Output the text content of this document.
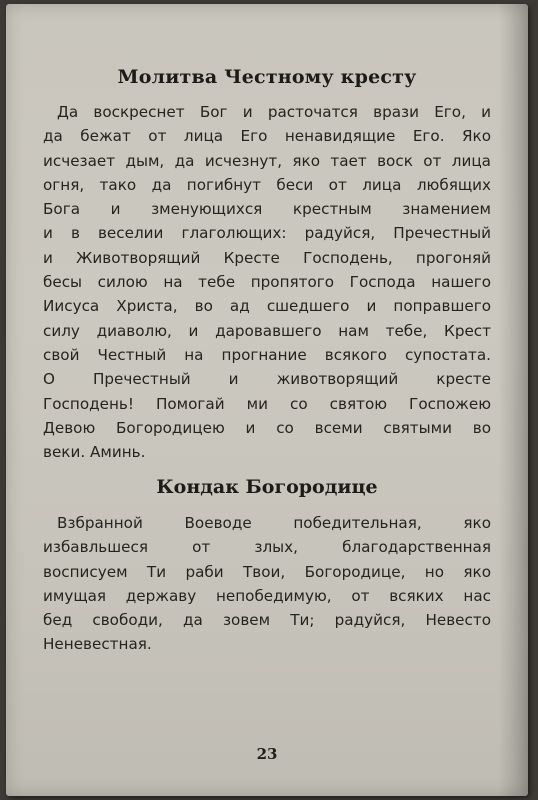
Молитва Честному кресту
Да воскреснет Бог и расточатся врази Его, и
да бежат от лица Его ненавидящие Его. Яко
исчезает дым, да исчезнут, яко тает воск от лица
огня, тако да погибнут беси от лица любящих
Бога и зменующихся крестным знамением
и в веселии глаголющих: радуйся, Пречестный
и Животворящий Кресте Господень, прогоняй
бесы силою на тебе пропятого Господа нашего
Иисуса Христа, во ад сшедшего и поправшего
силу диаволю, и даровавшего нам тебе, Крест
свой Честный на прогнание всякого супостата.
О Пречестный и животворящий кресте
Господень! Помогай ми со святою Госпожею
Девою Богородицею и со всеми святыми во
веки. Аминь.
Кондак Богородице
Взбранной Воеводе победительная, яко
избавльшеся от злых, благодарственная
восписуем Ти раби Твои, Богородице, но яко
имущая державу непобедимую, от всяких нас
бед свободи, да зовем Ти; радуйся, Невесто
Неневестная.
23
